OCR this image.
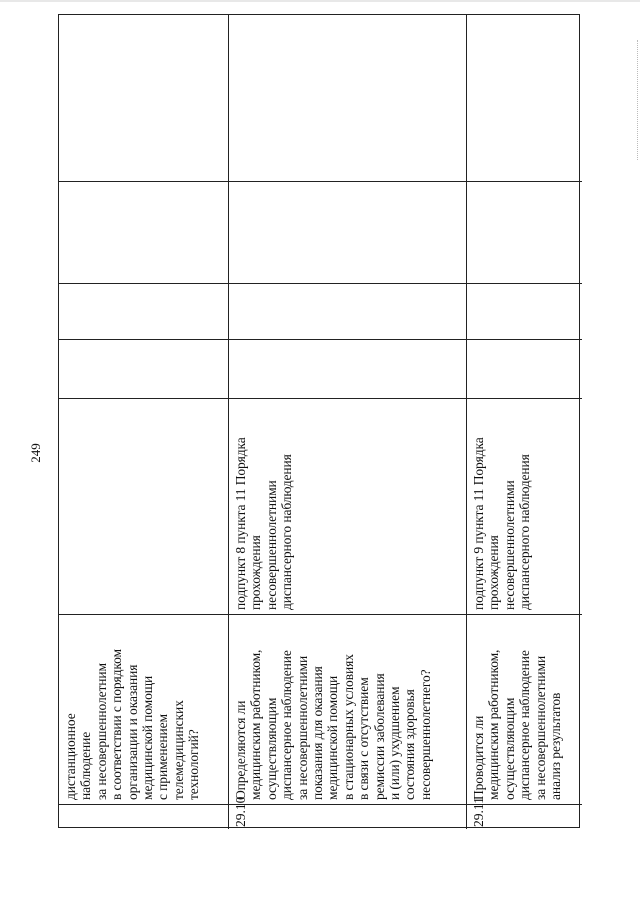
249
дистанционное
наблюдение
за несовершеннолетним
в соответствии с порядком
организации и оказания
медицинской помощи
с применением
телемедицинских
технологий?
29.10
Определяются ли
медицинским работником,
осуществляющим
диспансерное наблюдение
за несовершеннолетними
показания для оказания
медицинской помощи
в стационарных условиях
в связи с отсутствием
ремиссии заболевания
и (или) ухудшением
состояния здоровья
несовершеннолетнего?
подпункт 8 пункта 11 Порядка
прохождения
несовершеннолетними
диспансерного наблюдения
29.11
Проводится ли
медицинским работником,
осуществляющим
диспансерное наблюдение
за несовершеннолетними
анализ результатов
подпункт 9 пункта 11 Порядка
прохождения
несовершеннолетними
диспансерного наблюдения
